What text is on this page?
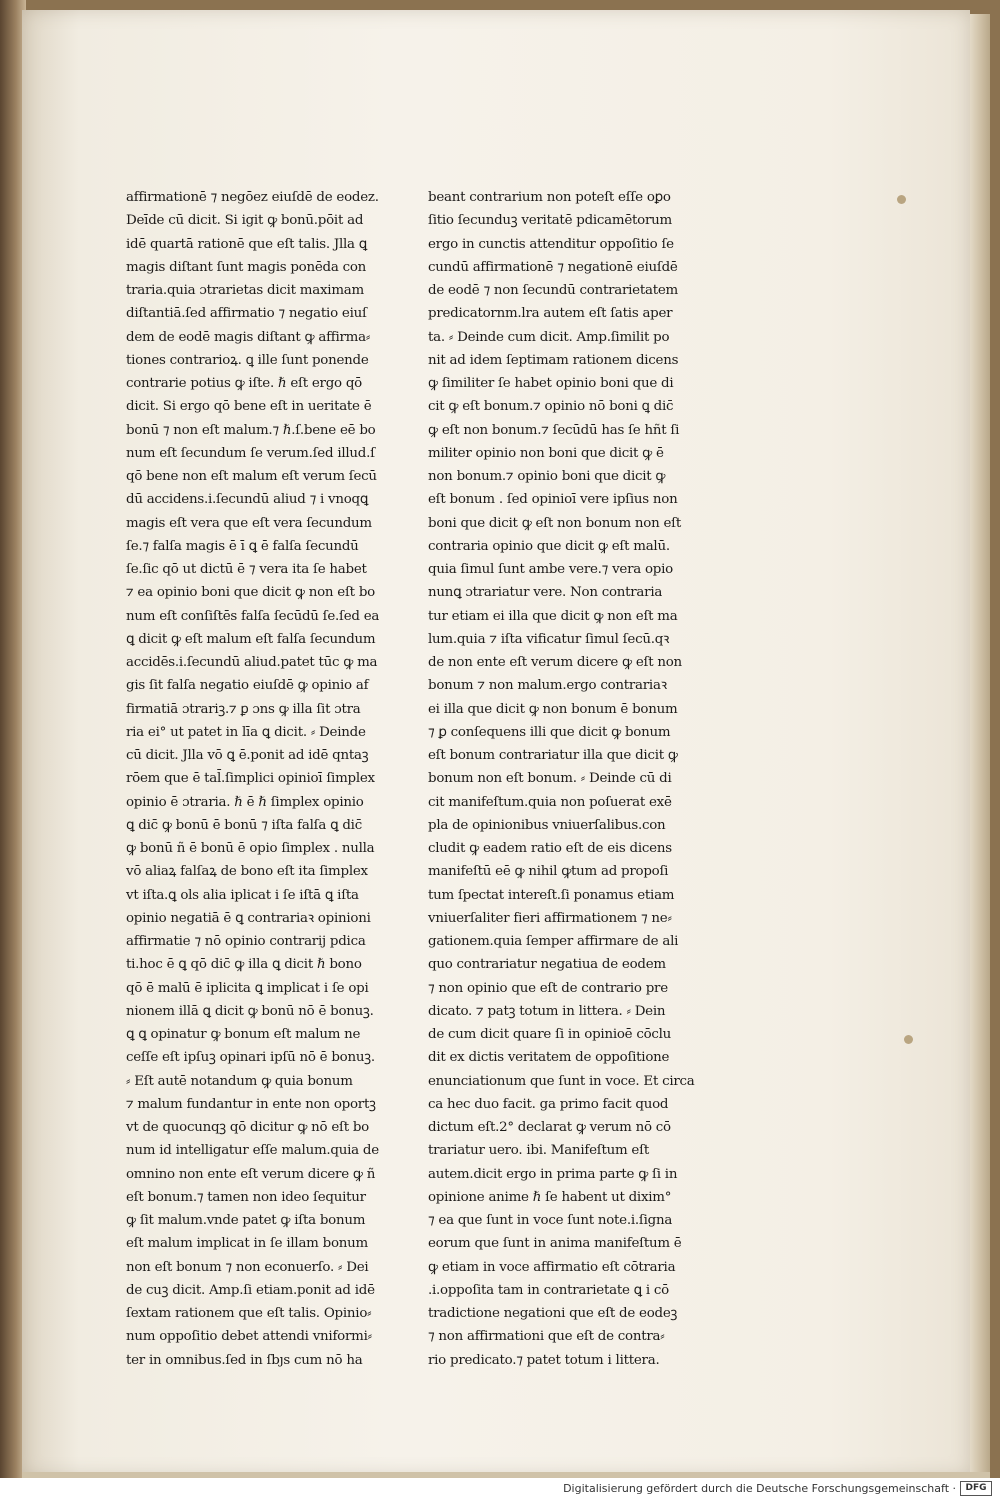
affirmationē ⁊ negōez eiuſdē de eodez.
Deīde cū dicit. Si igit ꝙ bonū.pōit ad
idē quartā rationē que eſt talis. Jlla ꝗ
magis diſtant ſunt magis ponēda con
traria.quia ɔtrarietas dicit maximam
diſtantiā.ſed affirmatio ⁊ negatio eiuſ
dem de eodē magis diſtant ꝙ affirma⸗
tiones contrarioꝝ. ꝗ ille ſunt ponende
contrarie potius ꝙ iſte. ℏ eſt ergo qō
dicit. Si ergo qō bene eſt in ueritate ē
bonū ⁊ non eſt malum.⁊ ℏ.ſ.bene eē bo
num eſt ſecundum ſe verum.ſed illud.ſ
qō bene non eſt malum eſt verum ſecū
dū accidens.i.ſecundū aliud ⁊ i vnoqꝗ
magis eſt vera que eſt vera ſecundum
ſe.⁊ falſa magis ē ī ꝗ ē falſa ſecundū
ſe.ſic qō ut dictū ē ⁊ vera ita ſe habet
⁊ ea opinio boni que dicit ꝙ non eſt bo
num eſt conſiſtēs falſa ſecūdū ſe.ſed ea
ꝗ dicit ꝙ eſt malum eſt falſa ſecundum
accidēs.i.ſecundū aliud.patet tūc ꝙ ma
gis ſit falſa negatio eiuſdē ꝙ opinio af
firmatiā ɔtrariꝫ.⁊ ꝑ ɔns ꝙ illa ſit ɔtra
ria ei° ut patet in līa ꝗ dicit. ⸗ Deinde
cū dicit. Jlla vō ꝗ ē.ponit ad idē qntaꝫ
rōem que ē tal̄.ſimplici opinioī ſimplex
opinio ē ɔtraria. ℏ ē ℏ ſimplex opinio
ꝗ dic̄ ꝙ bonū ē bonū ⁊ iſta falſa ꝗ dic̄
ꝙ bonū ñ ē bonū ē opio ſimplex . nulla
vō aliaꝝ falſaꝝ de bono eſt ita ſimplex
vt iſta.ꝗ ols alia iplicat i ſe iſtā ꝗ iſta
opinio negatiā ē ꝗ contrariaꝛ opinioni
affirmatie ⁊ nō opinio contrarij pdica
ti.hoc ē ꝗ qō dic̄ ꝙ illa ꝗ dicit ℏ bono
qō ē malū ē iplicita ꝗ implicat i ſe opi
nionem illā ꝗ dicit ꝙ bonū nō ē bonuꝫ.
ꝗ ꝗ opinatur ꝙ bonum eſt malum ne
ceſſe eſt ipſuꝫ opinari ipſū nō ē bonuꝫ.
⸗ Eſt autē notandum ꝙ quia bonum
⁊ malum fundantur in ente non oportꝫ
vt de quocunqꝫ qō dicitur ꝙ nō eſt bo
num id intelligatur eſſe malum.quia de
omnino non ente eſt verum dicere ꝙ ñ
eſt bonum.⁊ tamen non ideo ſequitur
ꝙ ſit malum.vnde patet ꝙ iſta bonum
eſt malum implicat in ſe illam bonum
non eſt bonum ⁊ non econuerſo. ⸗ Dei
de cuꝫ dicit. Amp.ſi etiam.ponit ad idē
ſextam rationem que eſt talis. Opinio⸗
num oppoſitio debet attendi vniformi⸗
ter in omnibus.ſed in ſbȷs cum nō ha
beant contrarium non poteſt eſſe oꝑo
ſitio ſecunduꝫ veritatē pdicamētorum
ergo in cunctis attenditur oppoſitio ſe
cundū affirmationē ⁊ negationē eiuſdē
de eodē ⁊ non ſecundū contrarietatem
predicatornm.lra autem eſt ſatis aper
ta. ⸗ Deinde cum dicit. Amp.ſimilit po
nit ad idem ſeptimam rationem dicens
ꝙ ſimiliter ſe habet opinio boni que di
cit ꝙ eſt bonum.⁊ opinio nō boni ꝗ dic̄
ꝙ eſt non bonum.⁊ ſecūdū has ſe hñt ſi
militer opinio non boni que dicit ꝙ ē
non bonum.⁊ opinio boni que dicit ꝙ
eſt bonum . ſed opinioī vere ipſius non
boni que dicit ꝙ eſt non bonum non eſt
contraria opinio que dicit ꝙ eſt malū.
quia ſimul ſunt ambe vere.⁊ vera opio
nunꝗ ɔtrariatur vere. Non contraria
tur etiam ei illa que dicit ꝙ non eſt ma
lum.quia ⁊ iſta vificatur ſimul ſecū.qꝛ
de non ente eſt verum dicere ꝙ eſt non
bonum ⁊ non malum.ergo contrariaꝛ
ei illa que dicit ꝙ non bonum ē bonum
⁊ ꝑ conſequens illi que dicit ꝙ bonum
eſt bonum contrariatur illa que dicit ꝙ
bonum non eſt bonum. ⸗ Deinde cū di
cit manifeſtum.quia non poſuerat exē
pla de opinionibus vniuerſalibus.con
cludit ꝙ eadem ratio eſt de eis dicens
manifeſtū eē ꝙ nihil ꝙtum ad propoſi
tum ſpectat intereſt.ſi ponamus etiam
vniuerſaliter fieri affirmationem ⁊ ne⸗
gationem.quia ſemper affirmare de ali
quo contrariatur negatiua de eodem
⁊ non opinio que eſt de contrario pre
dicato. ⁊ patꝫ totum in littera. ⸗ Dein
de cum dicit quare ſi in opinioē cōclu
dit ex dictis veritatem de oppoſitione
enunciationum que ſunt in voce. Et circa
ca hec duo facit. ga primo facit quod
dictum eſt.2° declarat ꝙ verum nō cō
trariatur uero. ibi. Manifeſtum eſt
autem.dicit ergo in prima parte ꝙ ſi in
opinione anime ℏ ſe habent ut dixim°
⁊ ea que ſunt in voce ſunt note.i.ſigna
eorum que ſunt in anima manifeſtum ē
ꝙ etiam in voce affirmatio eſt cōtraria
.i.oppoſita tam in contrarietate ꝗ i cō
tradictione negationi que eſt de eodeꝫ
⁊ non affirmationi que eſt de contra⸗
rio predicato.⁊ patet totum i littera.
Digitalisierung gefördert durch die Deutsche Forschungsgemeinschaft ·	DFG
